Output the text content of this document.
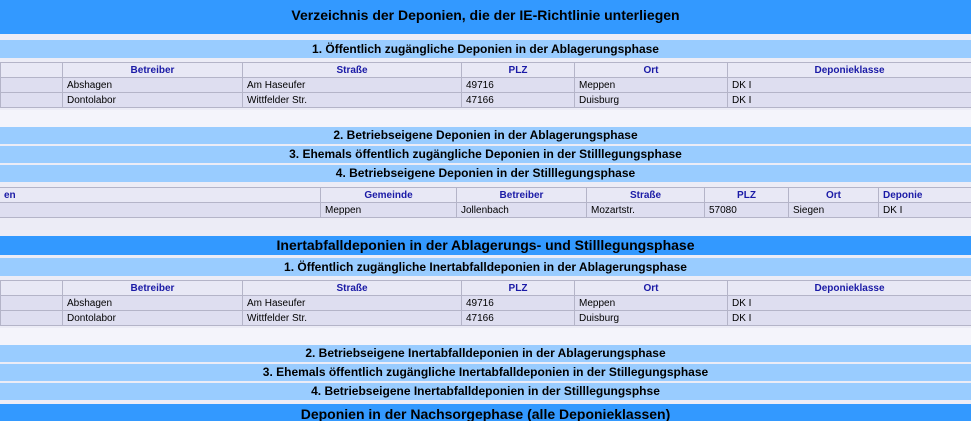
Verzeichnis der Deponien, die der IE-Richtlinie unterliegen
1. Öffentlich zugängliche Deponien in der Ablagerungsphase
	Betreiber	Straße	PLZ	Ort	Deponieklasse
	Abshagen	Am Haseufer	49716	Meppen	DK I
	Dontolabor	Wittfelder Str.	47166	Duisburg	DK I
2. Betriebseigene Deponien in der Ablagerungsphase
3. Ehemals öffentlich zugängliche Deponien in der Stilllegungsphase
4. Betriebseigene Deponien in der Stilllegungsphase
en	Gemeinde	Betreiber	Straße	PLZ	Ort	Deponie
	Meppen	Jollenbach	Mozartstr.	57080	Siegen	DK I
Inertabfalldeponien in der Ablagerungs- und Stilllegungsphase
1. Öffentlich zugängliche Inertabfalldeponien in der Ablagerungsphase
	Betreiber	Straße	PLZ	Ort	Deponieklasse
	Abshagen	Am Haseufer	49716	Meppen	DK I
	Dontolabor	Wittfelder Str.	47166	Duisburg	DK I
2. Betriebseigene Inertabfalldeponien in der Ablagerungsphase
3. Ehemals öffentlich zugängliche Inertabfalldeponien in der Stillegungsphase
4. Betriebseigene Inertabfalldeponien in der Stilllegungsphse
Deponien in der Nachsorgephase (alle Deponieklassen)
